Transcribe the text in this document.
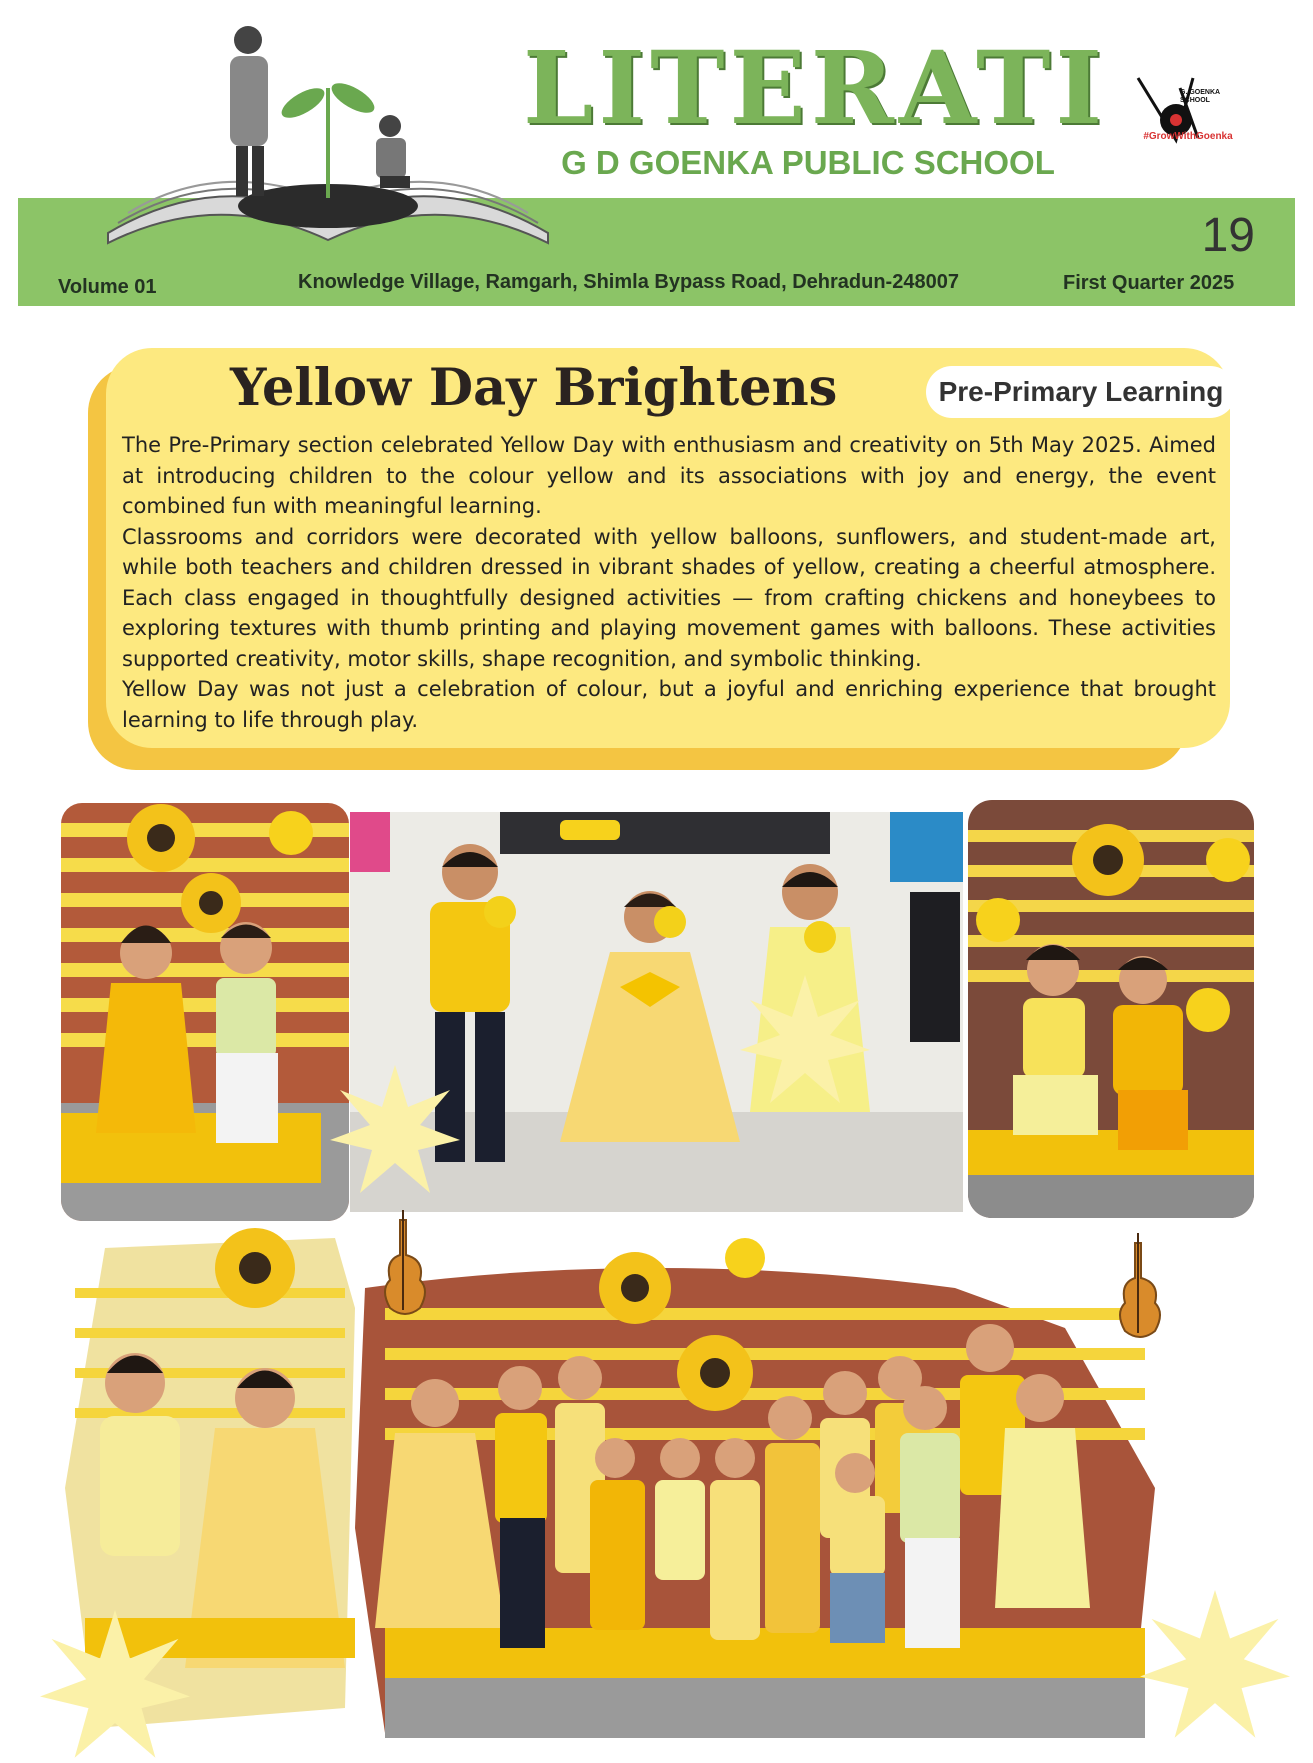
LITERATI
G D GOENKA PUBLIC SCHOOL
G. GOENKA SCHOOL
#GrowWithGoenka
19
Volume 01	Knowledge Village, Ramgarh, Shimla Bypass Road, Dehradun-248007	First Quarter 2025
Yellow Day Brightens	Pre-Primary Learning

The Pre-Primary section celebrated Yellow Day with enthusiasm and creativity on 5th May 2025. Aimed at introducing children to the colour yellow and its associations with joy and energy, the event combined fun with meaningful learning.

Classrooms and corridors were decorated with yellow balloons, sunflowers, and student-made art, while both teachers and children dressed in vibrant shades of yellow, creating a cheerful atmosphere. Each class engaged in thoughtfully designed activities — from crafting chickens and honeybees to exploring textures with thumb printing and playing movement games with balloons. These activities supported creativity, motor skills, shape recognition, and symbolic thinking.

Yellow Day was not just a celebration of colour, but a joyful and enriching experience that brought learning to life through play.
